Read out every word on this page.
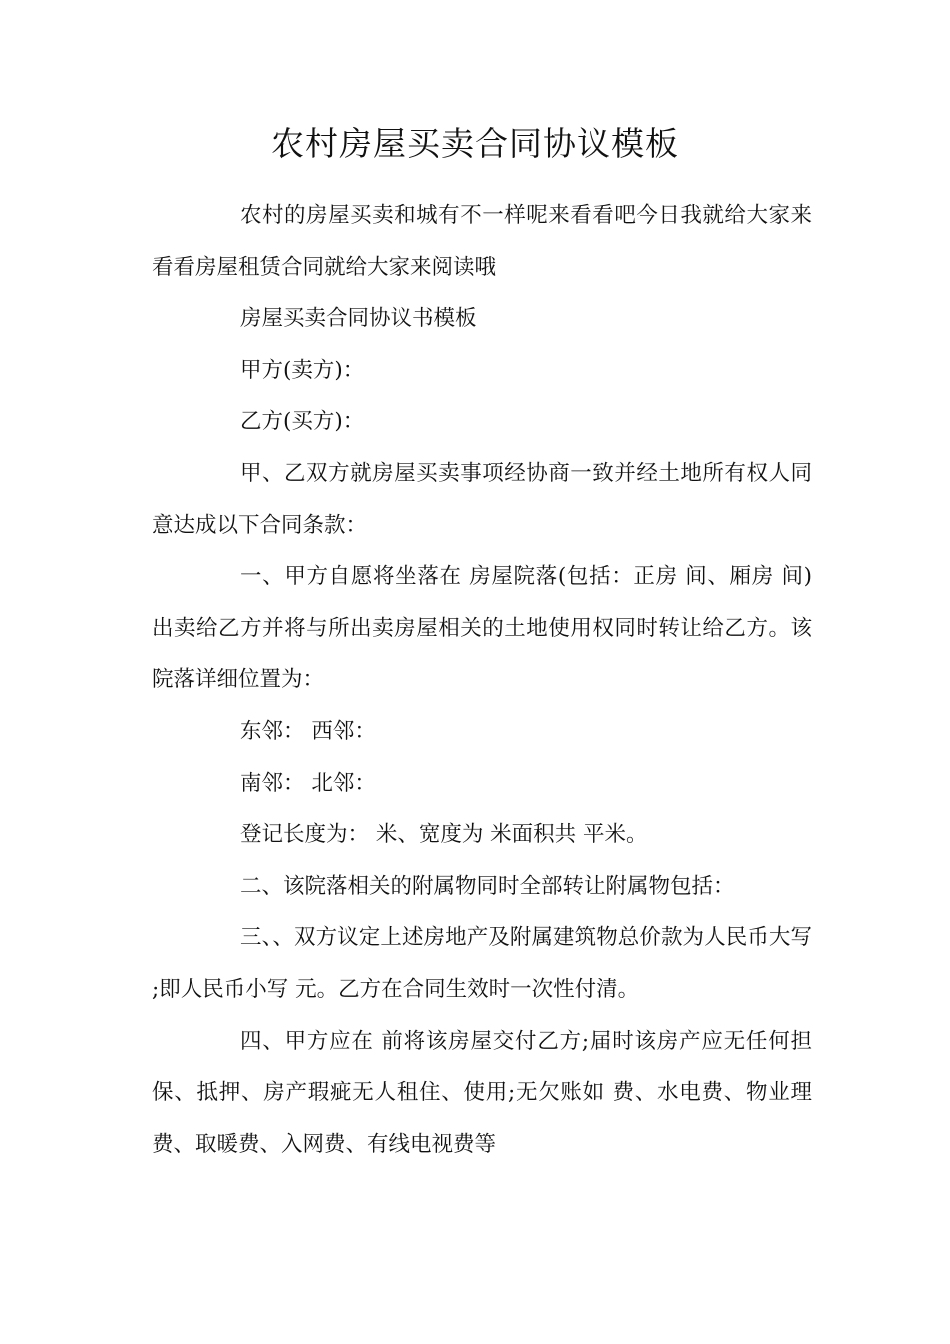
农村房屋买卖合同协议模板

农村的房屋买卖和城有不一样呢来看看吧今日我就给大家来看看房屋租赁合同就给大家来阅读哦

房屋买卖合同协议书模板

甲方(卖方)：

乙方(买方)：

甲、乙双方就房屋买卖事项经协商一致并经土地所有权人同意达成以下合同条款：

一、甲方自愿将坐落在 房屋院落(包括：正房 间、厢房 间)出卖给乙方并将与所出卖房屋相关的土地使用权同时转让给乙方。该院落详细位置为：

东邻： 西邻：

南邻： 北邻：

登记长度为： 米、宽度为 米面积共 平米。

二、该院落相关的附属物同时全部转让附属物包括：

三、、双方议定上述房地产及附属建筑物总价款为人民币大写 ;即人民币小写 元。乙方在合同生效时一次性付清。

四、甲方应在 前将该房屋交付乙方;届时该房产应无任何担保、抵押、房产瑕疵无人租住、使用;无欠账如 费、水电费、物业理费、取暖费、入网费、有线电视费等
